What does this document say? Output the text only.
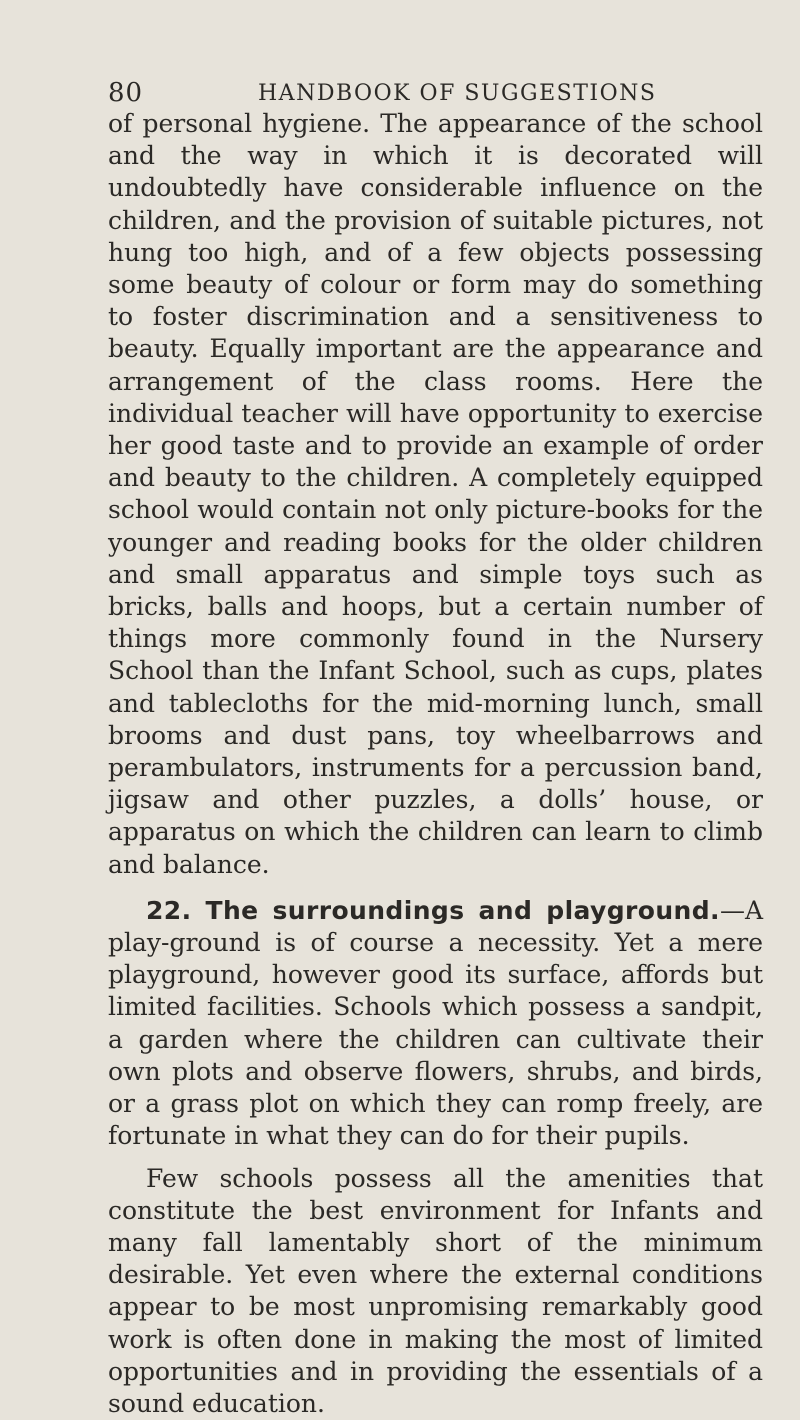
80	HANDBOOK OF SUGGESTIONS

of personal hygiene. The appearance of the school and the way in which it is decorated will undoubtedly have considerable influence on the children, and the provision of suitable pictures, not hung too high, and of a few objects possessing some beauty of colour or form may do something to foster discrimination and a sensitiveness to beauty. Equally important are the appearance and arrangement of the class rooms. Here the individual teacher will have opportunity to exercise her good taste and to provide an example of order and beauty to the children. A completely equipped school would contain not only picture-books for the younger and reading books for the older children and small apparatus and simple toys such as bricks, balls and hoops, but a certain number of things more commonly found in the Nursery School than the Infant School, such as cups, plates and tablecloths for the mid-morning lunch, small brooms and dust pans, toy wheelbarrows and perambulators, instruments for a percussion band, jigsaw and other puzzles, a dolls’ house, or apparatus on which the children can learn to climb and balance.

22. The surroundings and playground.—A play-ground is of course a necessity. Yet a mere playground, however good its surface, affords but limited facilities. Schools which possess a sandpit, a garden where the children can cultivate their own plots and observe flowers, shrubs, and birds, or a grass plot on which they can romp freely, are fortunate in what they can do for their pupils.

Few schools possess all the amenities that constitute the best environment for Infants and many fall lamentably short of the minimum desirable. Yet even where the external conditions appear to be most unpromising remarkably good work is often done in making the most of limited opportunities and in providing the essentials of a sound education.
